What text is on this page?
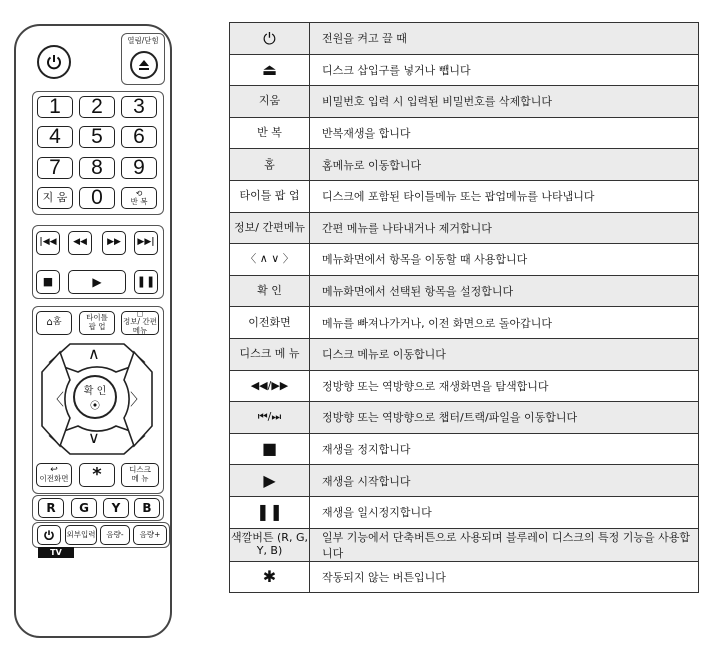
열림/닫힘
1	2	3
4	5	6
7	8	9
지 움	0	⟲
반 복
|◀◀ ◀◀ ▶▶ ▶▶|
■	▶	❚❚
⌂ 홈	타이틀 팝 업
▢
정보/ 간편메뉴
∧
∨
〈	〉
확 인
⦿
↩
이전화면	*	디스크 메 뉴
R	G	Y	B
외부입력	음량-	음량+
TV
⏻	전원을 켜고 끌 때
⏏	디스크 삽입구를 넣거나 뺍니다
지움	비밀번호 입력 시 입력된 비밀번호를 삭제합니다
반 복	반복재생을 합니다
홈	홈메뉴로 이동합니다
타이틀 팝 업	디스크에 포함된 타이틀메뉴 또는 팝업메뉴를 나타냅니다
정보/ 간편메뉴	간편 메뉴를 나타내거나 제거합니다
〈 ∧ ∨ 〉	메뉴화면에서 항목을 이동할 때 사용합니다
확 인	메뉴화면에서 선택된 항목을 설정합니다
이전화면	메뉴를 빠져나가거나, 이전 화면으로 돌아갑니다
디스크 메 뉴	디스크 메뉴로 이동합니다
◀◀/▶▶	정방향 또는 역방향으로 재생화면을 탐색합니다
⏮/⏭	정방향 또는 역방향으로 챕터/트랙/파일을 이동합니다
■	재생을 정지합니다
▶	재생을 시작합니다
❚❚	재생을 일시정지합니다
색깔버튼 (R, G, Y, B)	일부 기능에서 단축버튼으로 사용되며 블루레이 디스크의 특정 기능을 사용합니다
✱	작동되지 않는 버튼입니다
